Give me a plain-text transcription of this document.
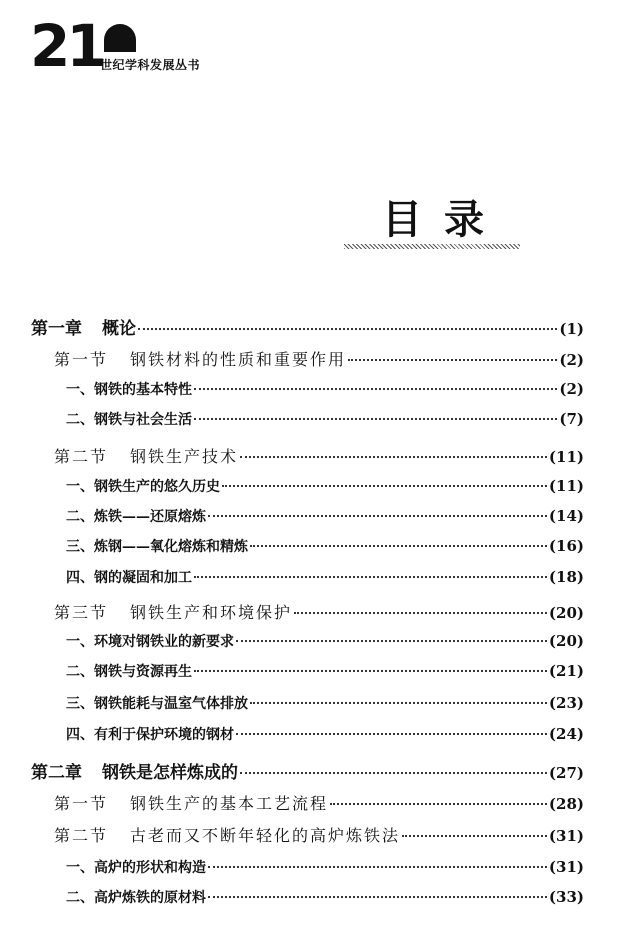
21
世纪学科发展丛书
目录
第一章 概论	(1)
第一节 钢铁材料的性质和重要作用	(2)
一、钢铁的基本特性	(2)
二、钢铁与社会生活	(7)
第二节 钢铁生产技术	(11)
一、钢铁生产的悠久历史	(11)
二、炼铁——还原熔炼	(14)
三、炼钢——氧化熔炼和精炼	(16)
四、钢的凝固和加工	(18)
第三节 钢铁生产和环境保护	(20)
一、环境对钢铁业的新要求	(20)
二、钢铁与资源再生	(21)
三、钢铁能耗与温室气体排放	(23)
四、有利于保护环境的钢材	(24)
第二章 钢铁是怎样炼成的	(27)
第一节 钢铁生产的基本工艺流程	(28)
第二节 古老而又不断年轻化的高炉炼铁法	(31)
一、高炉的形状和构造	(31)
二、高炉炼铁的原材料	(33)
